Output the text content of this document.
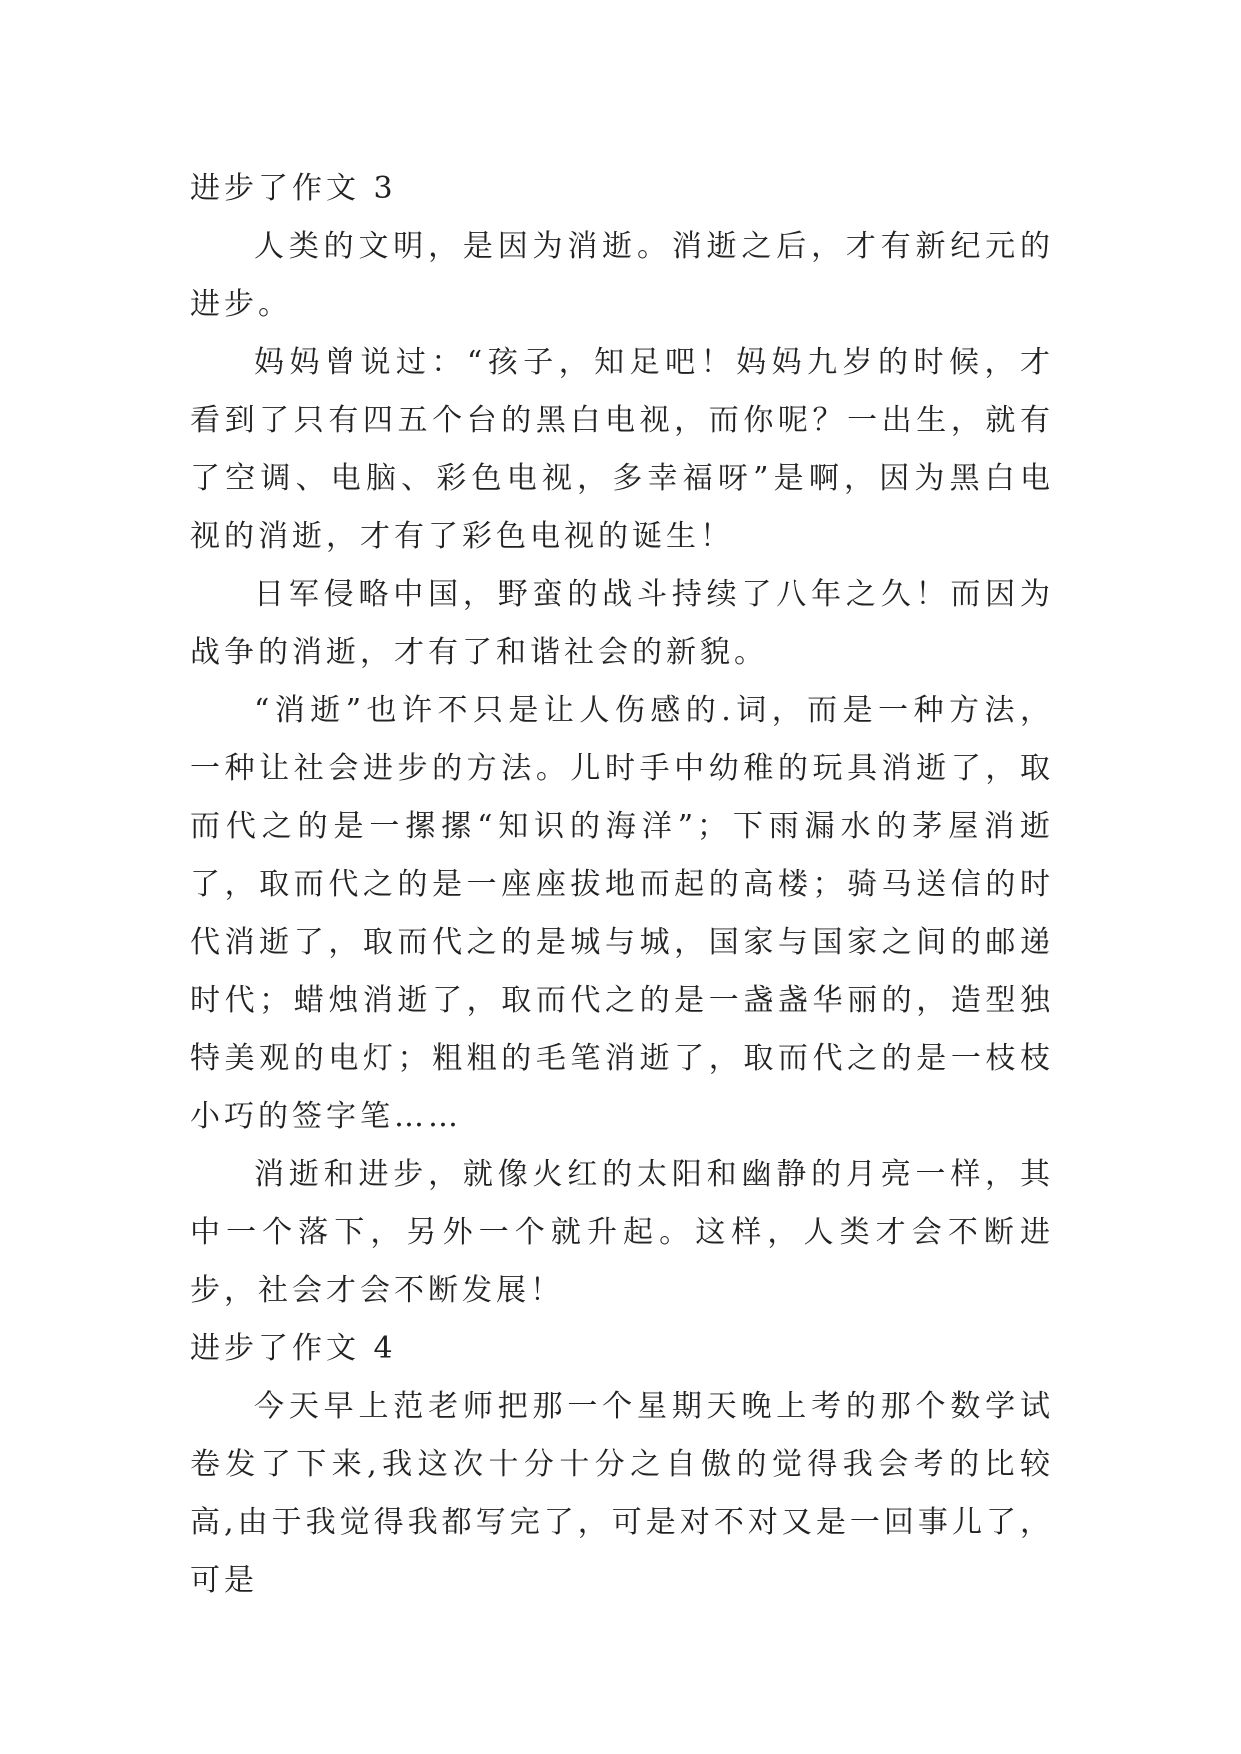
进步了作文 3

人类的文明，是因为消逝。消逝之后，才有新纪元的进步。

妈妈曾说过：“孩子，知足吧！妈妈九岁的时候，才看到了只有四五个台的黑白电视，而你呢？一出生，就有了空调、电脑、彩色电视，多幸福呀”是啊，因为黑白电视的消逝，才有了彩色电视的诞生！

日军侵略中国，野蛮的战斗持续了八年之久！而因为战争的消逝，才有了和谐社会的新貌。

“消逝”也许不只是让人伤感的.词，而是一种方法，一种让社会进步的方法。儿时手中幼稚的玩具消逝了，取而代之的是一摞摞“知识的海洋”；下雨漏水的茅屋消逝了，取而代之的是一座座拔地而起的高楼；骑马送信的时代消逝了，取而代之的是城与城，国家与国家之间的邮递时代；蜡烛消逝了，取而代之的是一盏盏华丽的，造型独特美观的电灯；粗粗的毛笔消逝了，取而代之的是一枝枝小巧的签字笔……

消逝和进步，就像火红的太阳和幽静的月亮一样，其中一个落下，另外一个就升起。这样，人类才会不断进步，社会才会不断发展！

进步了作文 4

今天早上范老师把那一个星期天晚上考的那个数学试卷发了下来,我这次十分十分之自傲的觉得我会考的比较高,由于我觉得我都写完了，可是对不对又是一回事儿了，可是
